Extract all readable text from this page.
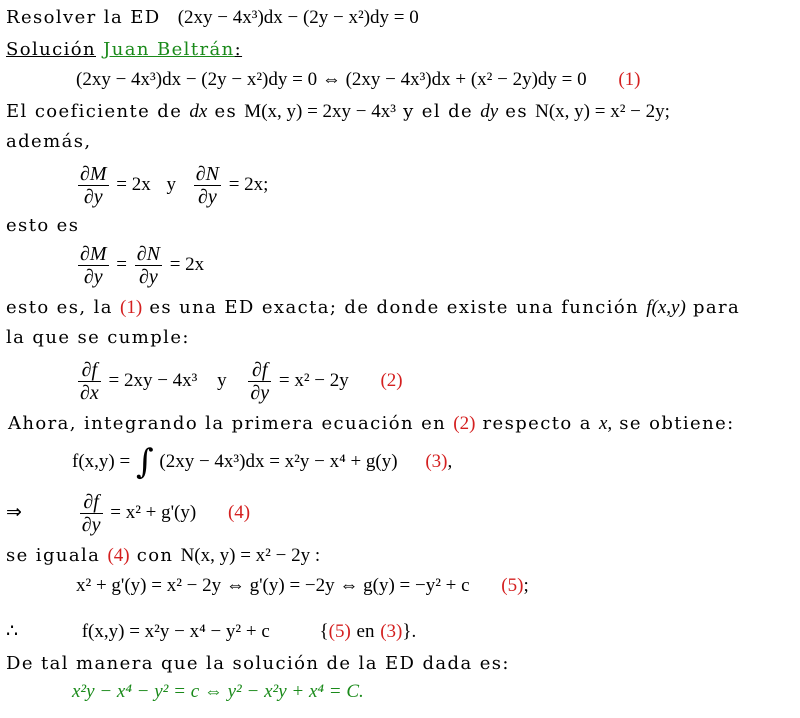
Resolver la ED (2xy − 4x³)dx − (2y − x²)dy = 0
Solución Juan Beltrán:
(2xy − 4x³)dx − (2y − x²)dy = 0 ⇔ (2xy − 4x³)dx + (x² − 2y)dy = 0 (1)
El coeficiente de dx es M(x, y) = 2xy − 4x³ y el de dy es N(x, y) = x² − 2y;
además,
$\frac{\partial M}{\partial y} = 2x$ y $\frac{\partial N}{\partial y} = 2x$;
esto es
$\frac{\partial M}{\partial y} = \frac{\partial N}{\partial y} = 2x$
esto es, la (1) es una ED exacta; de donde existe una función f(x,y) para
la que se cumple:
$\frac{\partial f}{\partial x} = 2xy - 4x^3$ y $\frac{\partial f}{\partial y} = x^2 - 2y$ (2)
Ahora, integrando la primera ecuación en (2) respecto a x, se obtiene:
f(x,y) = ∫ (2xy − 4x³)dx = x²y − x⁴ + g(y) (3),
⇒	$\frac{\partial f}{\partial y} = x^2 + g'(y)$ (4)
se iguala (4) con N(x, y) = x² − 2y :
x² + g'(y) = x² − 2y ⇔ g'(y) = −2y ⇔ g(y) = −y² + c (5);
∴	f(x,y) = x²y − x⁴ − y² + c	{(5) en (3)}.
De tal manera que la solución de la ED dada es:
x²y − x⁴ − y² = c ⇔ y² − x²y + x⁴ = C.
